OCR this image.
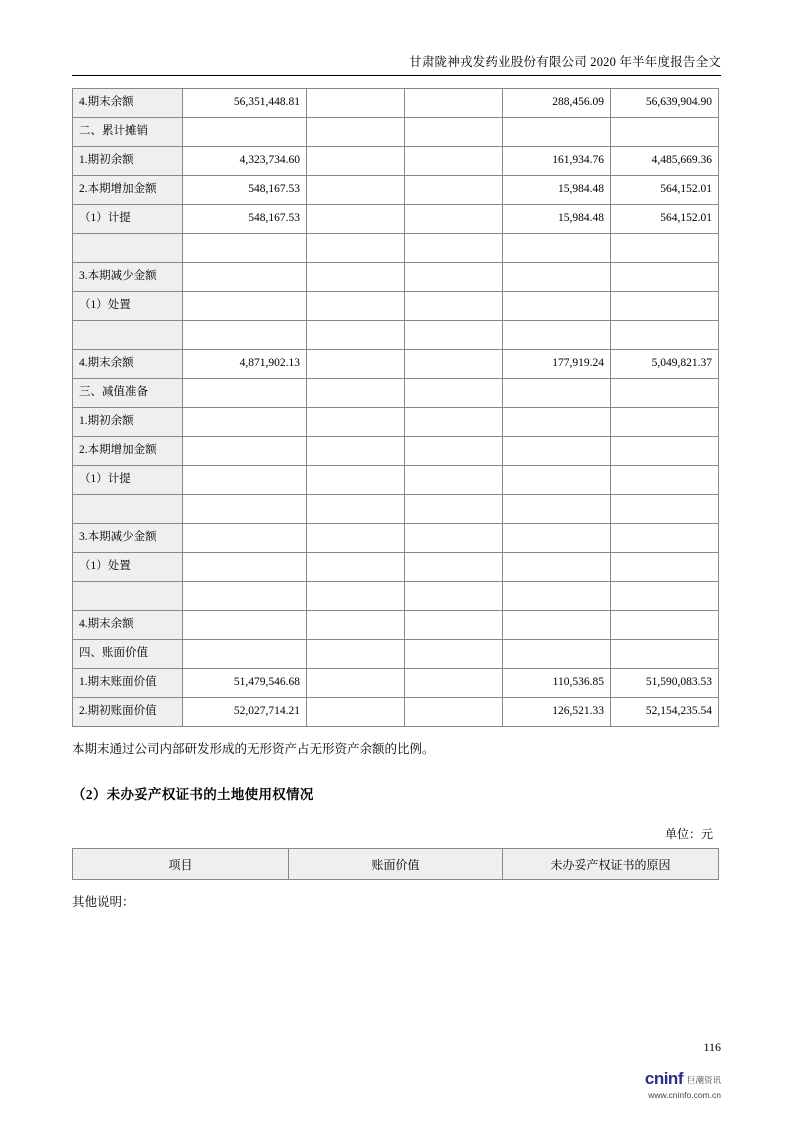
甘肃陇神戎发药业股份有限公司 2020 年半年度报告全文
4.期末余额	56,351,448.81			288,456.09	56,639,904.90
二、累计摊销					
1.期初余额	4,323,734.60			161,934.76	4,485,669.36
2.本期增加金额	548,167.53			15,984.48	564,152.01
（1）计提	548,167.53			15,984.48	564,152.01

3.本期减少金额					
（1）处置					

4.期末余额	4,871,902.13			177,919.24	5,049,821.37
三、减值准备					
1.期初余额					
2.本期增加金额					
（1）计提					

3.本期减少金额					
（1）处置					

4.期末余额					
四、账面价值					
1.期末账面价值	51,479,546.68			110,536.85	51,590,083.53
2.期初账面价值	52,027,714.21			126,521.33	52,154,235.54
本期末通过公司内部研发形成的无形资产占无形资产余额的比例。
（2）未办妥产权证书的土地使用权情况
单位：元
项目	账面价值	未办妥产权证书的原因
其他说明：
116
cninf 巨潮资讯
www.cninfo.com.cn
